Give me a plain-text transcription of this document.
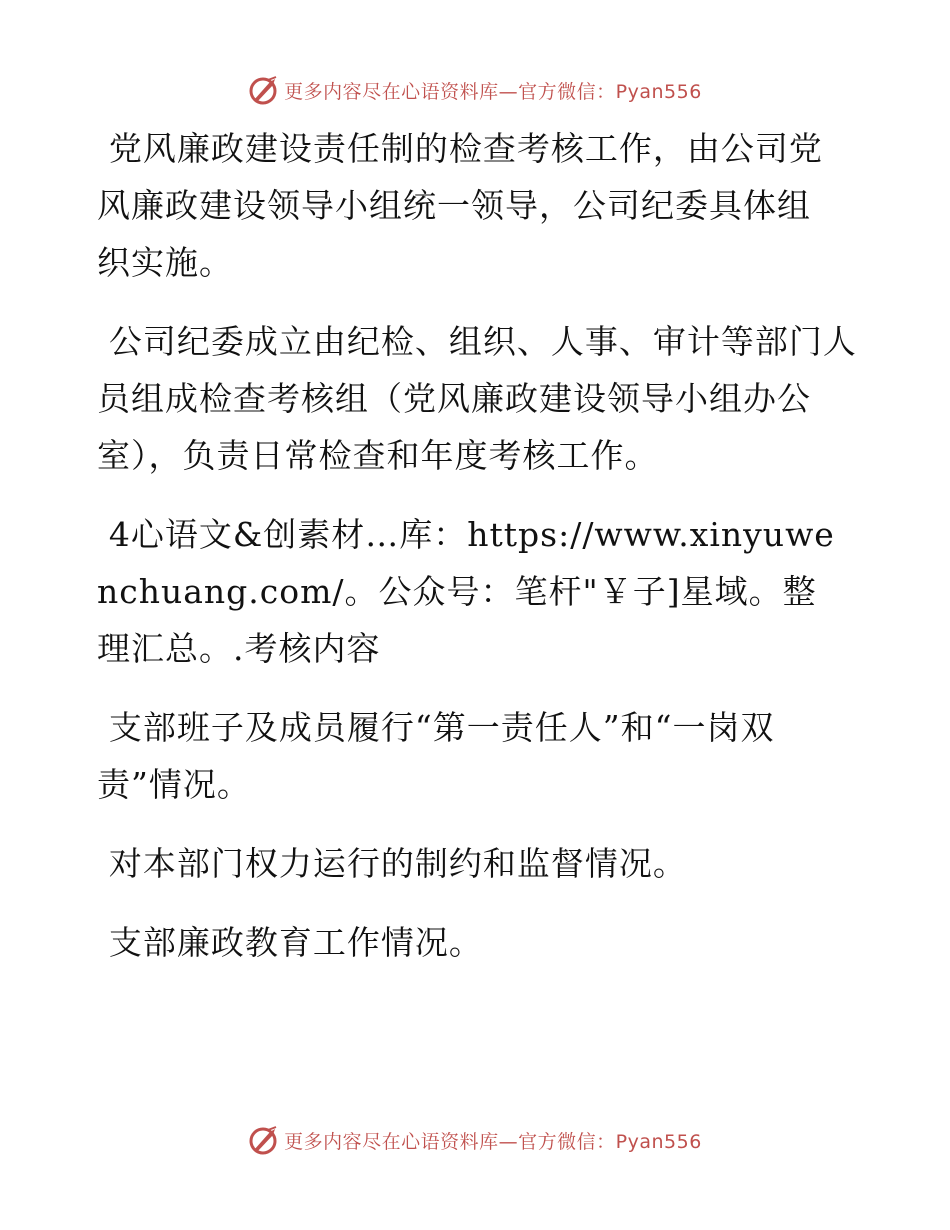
更多内容尽在心语资料库—官方微信：Pyan556

党风廉政建设责任制的检查考核工作，由公司党风廉政建设领导小组统一领导，公司纪委具体组织实施。

公司纪委成立由纪检、组织、人事、审计等部门人员组成检查考核组（党风廉政建设领导小组办公室），负责日常检查和年度考核工作。

4心语文&创素材…库：https://www.xinyuwenchuang.com/。公众号：笔杆"￥子]星域。整理汇总。.考核内容

支部班子及成员履行“第一责任人”和“一岗双责”情况。

对本部门权力运行的制约和监督情况。

支部廉政教育工作情况。

更多内容尽在心语资料库—官方微信：Pyan556
